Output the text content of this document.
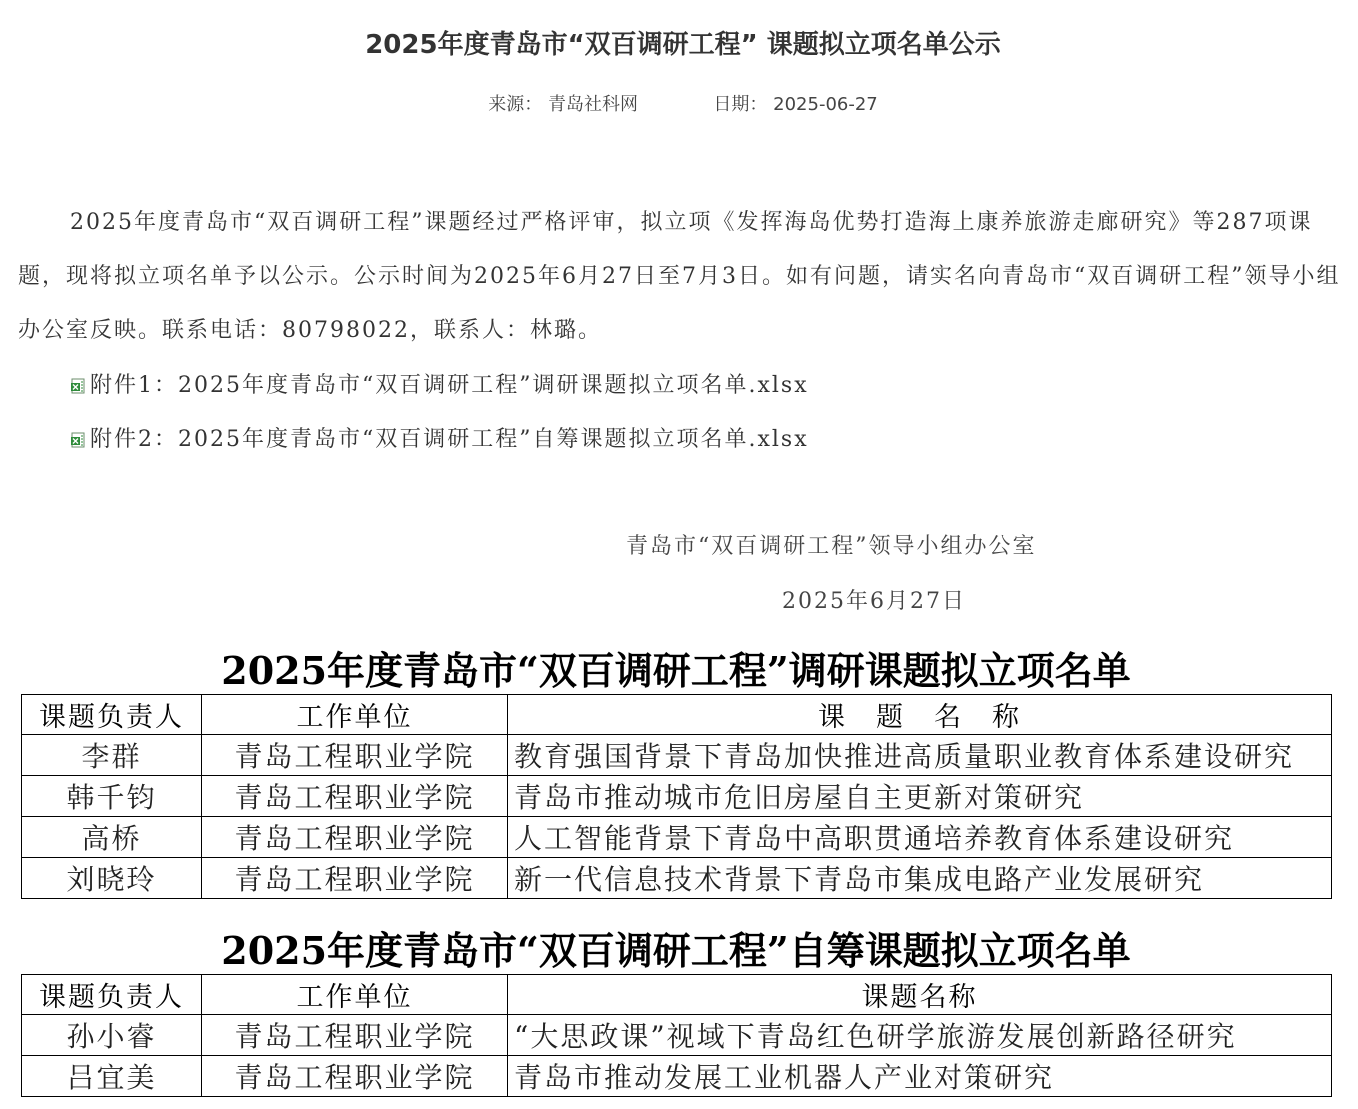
2025年度青岛市“双百调研工程” 课题拟立项名单公示
来源： 青岛社科网	日期： 2025-06-27

2025年度青岛市“双百调研工程”课题经过严格评审，拟立项《发挥海岛优势打造海上康养旅游走廊研究》等287项课题，现将拟立项名单予以公示。公示时间为2025年6月27日至7月3日。如有问题，请实名向青岛市“双百调研工程”领导小组办公室反映。联系电话：80798022，联系人：林璐。

附件1：2025年度青岛市“双百调研工程”调研课题拟立项名单.xlsx
附件2：2025年度青岛市“双百调研工程”自筹课题拟立项名单.xlsx
青岛市“双百调研工程”领导小组办公室
2025年6月27日
2025年度青岛市“双百调研工程”调研课题拟立项名单
课题负责人	工作单位	课　题　名　称
李群	青岛工程职业学院	教育强国背景下青岛加快推进高质量职业教育体系建设研究
韩千钧	青岛工程职业学院	青岛市推动城市危旧房屋自主更新对策研究
高桥	青岛工程职业学院	人工智能背景下青岛中高职贯通培养教育体系建设研究
刘晓玲	青岛工程职业学院	新一代信息技术背景下青岛市集成电路产业发展研究
2025年度青岛市“双百调研工程”自筹课题拟立项名单
课题负责人	工作单位	课题名称
孙小睿	青岛工程职业学院	“大思政课”视域下青岛红色研学旅游发展创新路径研究
吕宜美	青岛工程职业学院	青岛市推动发展工业机器人产业对策研究
